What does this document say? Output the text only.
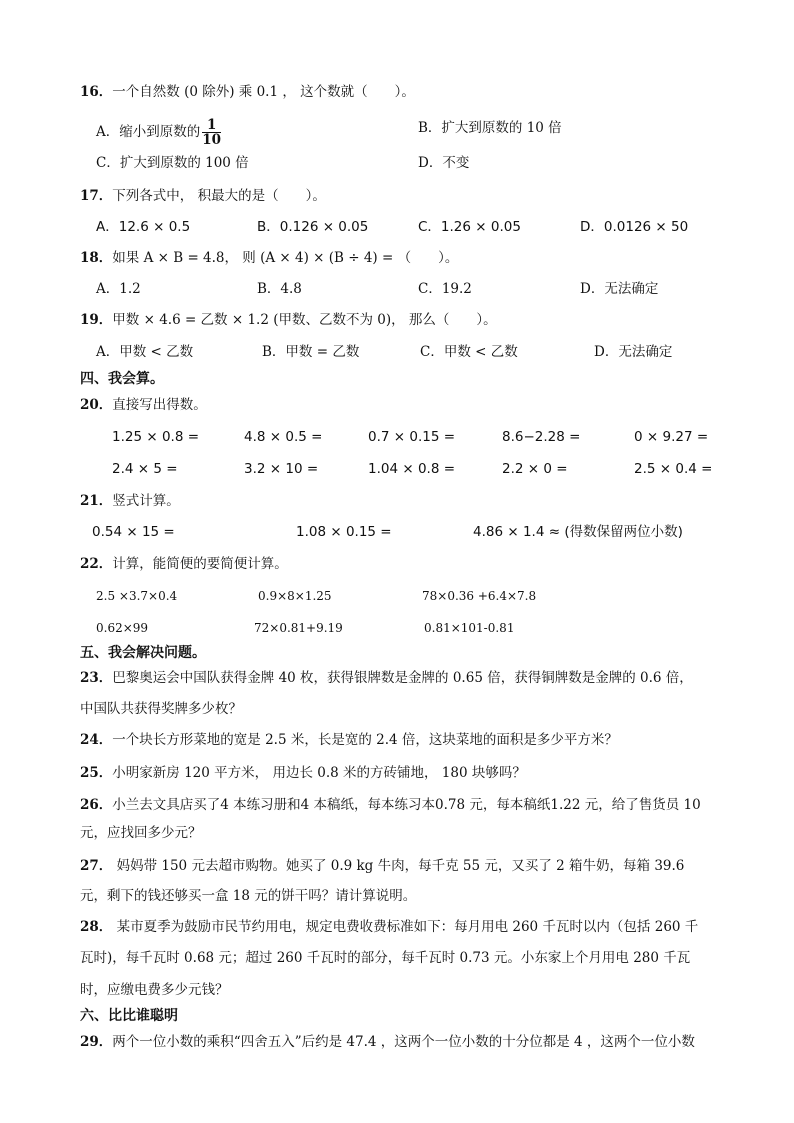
16．一个自然数 (0 除外) 乘 0.1 ， 这个数就（　　）。
A．缩小到原数的 $\frac{1}{10}$	B．扩大到原数的 10 倍
C．扩大到原数的 100 倍	D．不变
17．下列各式中， 积最大的是（　　）。
A．12.6 × 0.5	B．0.126 × 0.05	C．1.26 × 0.05	D．0.0126 × 50
18．如果 A × B = 4.8， 则 (A × 4) × (B ÷ 4) = （　　）。
A．1.2	B．4.8	C．19.2	D．无法确定
19．甲数 × 4.6 = 乙数 × 1.2 (甲数、乙数不为 0)， 那么（　　）。
A．甲数 < 乙数	B．甲数 = 乙数	C．甲数 < 乙数	D．无法确定
四、我会算。
20．直接写出得数。
1.25 × 0.8 =	4.8 × 0.5 =	0.7 × 0.15 =	8.6−2.28 =	0 × 9.27 =
2.4 × 5 =	3.2 × 10 =	1.04 × 0.8 =	2.2 × 0 =	2.5 × 0.4 =
21．竖式计算。
0.54 × 15 =	1.08 × 0.15 =	4.86 × 1.4 ≈ (得数保留两位小数)
22．计算，能简便的要简便计算。
2.5 ×3.7×0.4	0.9×8×1.25	78×0.36 +6.4×7.8
0.62×99	72×0.81+9.19	0.81×101-0.81
五、我会解决问题。
23．巴黎奥运会中国队获得金牌 40 枚，获得银牌数是金牌的 0.65 倍，获得铜牌数是金牌的 0.6 倍，
中国队共获得奖牌多少枚？
24．一个块长方形菜地的宽是 2.5 米，长是宽的 2.4 倍，这块菜地的面积是多少平方米？
25．小明家新房 120 平方米， 用边长 0.8 米的方砖铺地， 180 块够吗？
26．小兰去文具店买了4 本练习册和4 本稿纸，每本练习本0.78 元，每本稿纸1.22 元，给了售货员 10
元，应找回多少元？
27． 妈妈带 150 元去超市购物。她买了 0.9 kg 牛肉，每千克 55 元，又买了 2 箱牛奶，每箱 39.6
元，剩下的钱还够买一盒 18 元的饼干吗？请计算说明。
28． 某市夏季为鼓励市民节约用电，规定电费收费标准如下：每月用电 260 千瓦时以内（包括 260 千
瓦时)，每千瓦时 0.68 元；超过 260 千瓦时的部分，每千瓦时 0.73 元。小东家上个月用电 280 千瓦
时，应缴电费多少元钱？
六、比比谁聪明
29．两个一位小数的乘积“四舍五入”后约是 47.4 ，这两个一位小数的十分位都是 4 ，这两个一位小数
